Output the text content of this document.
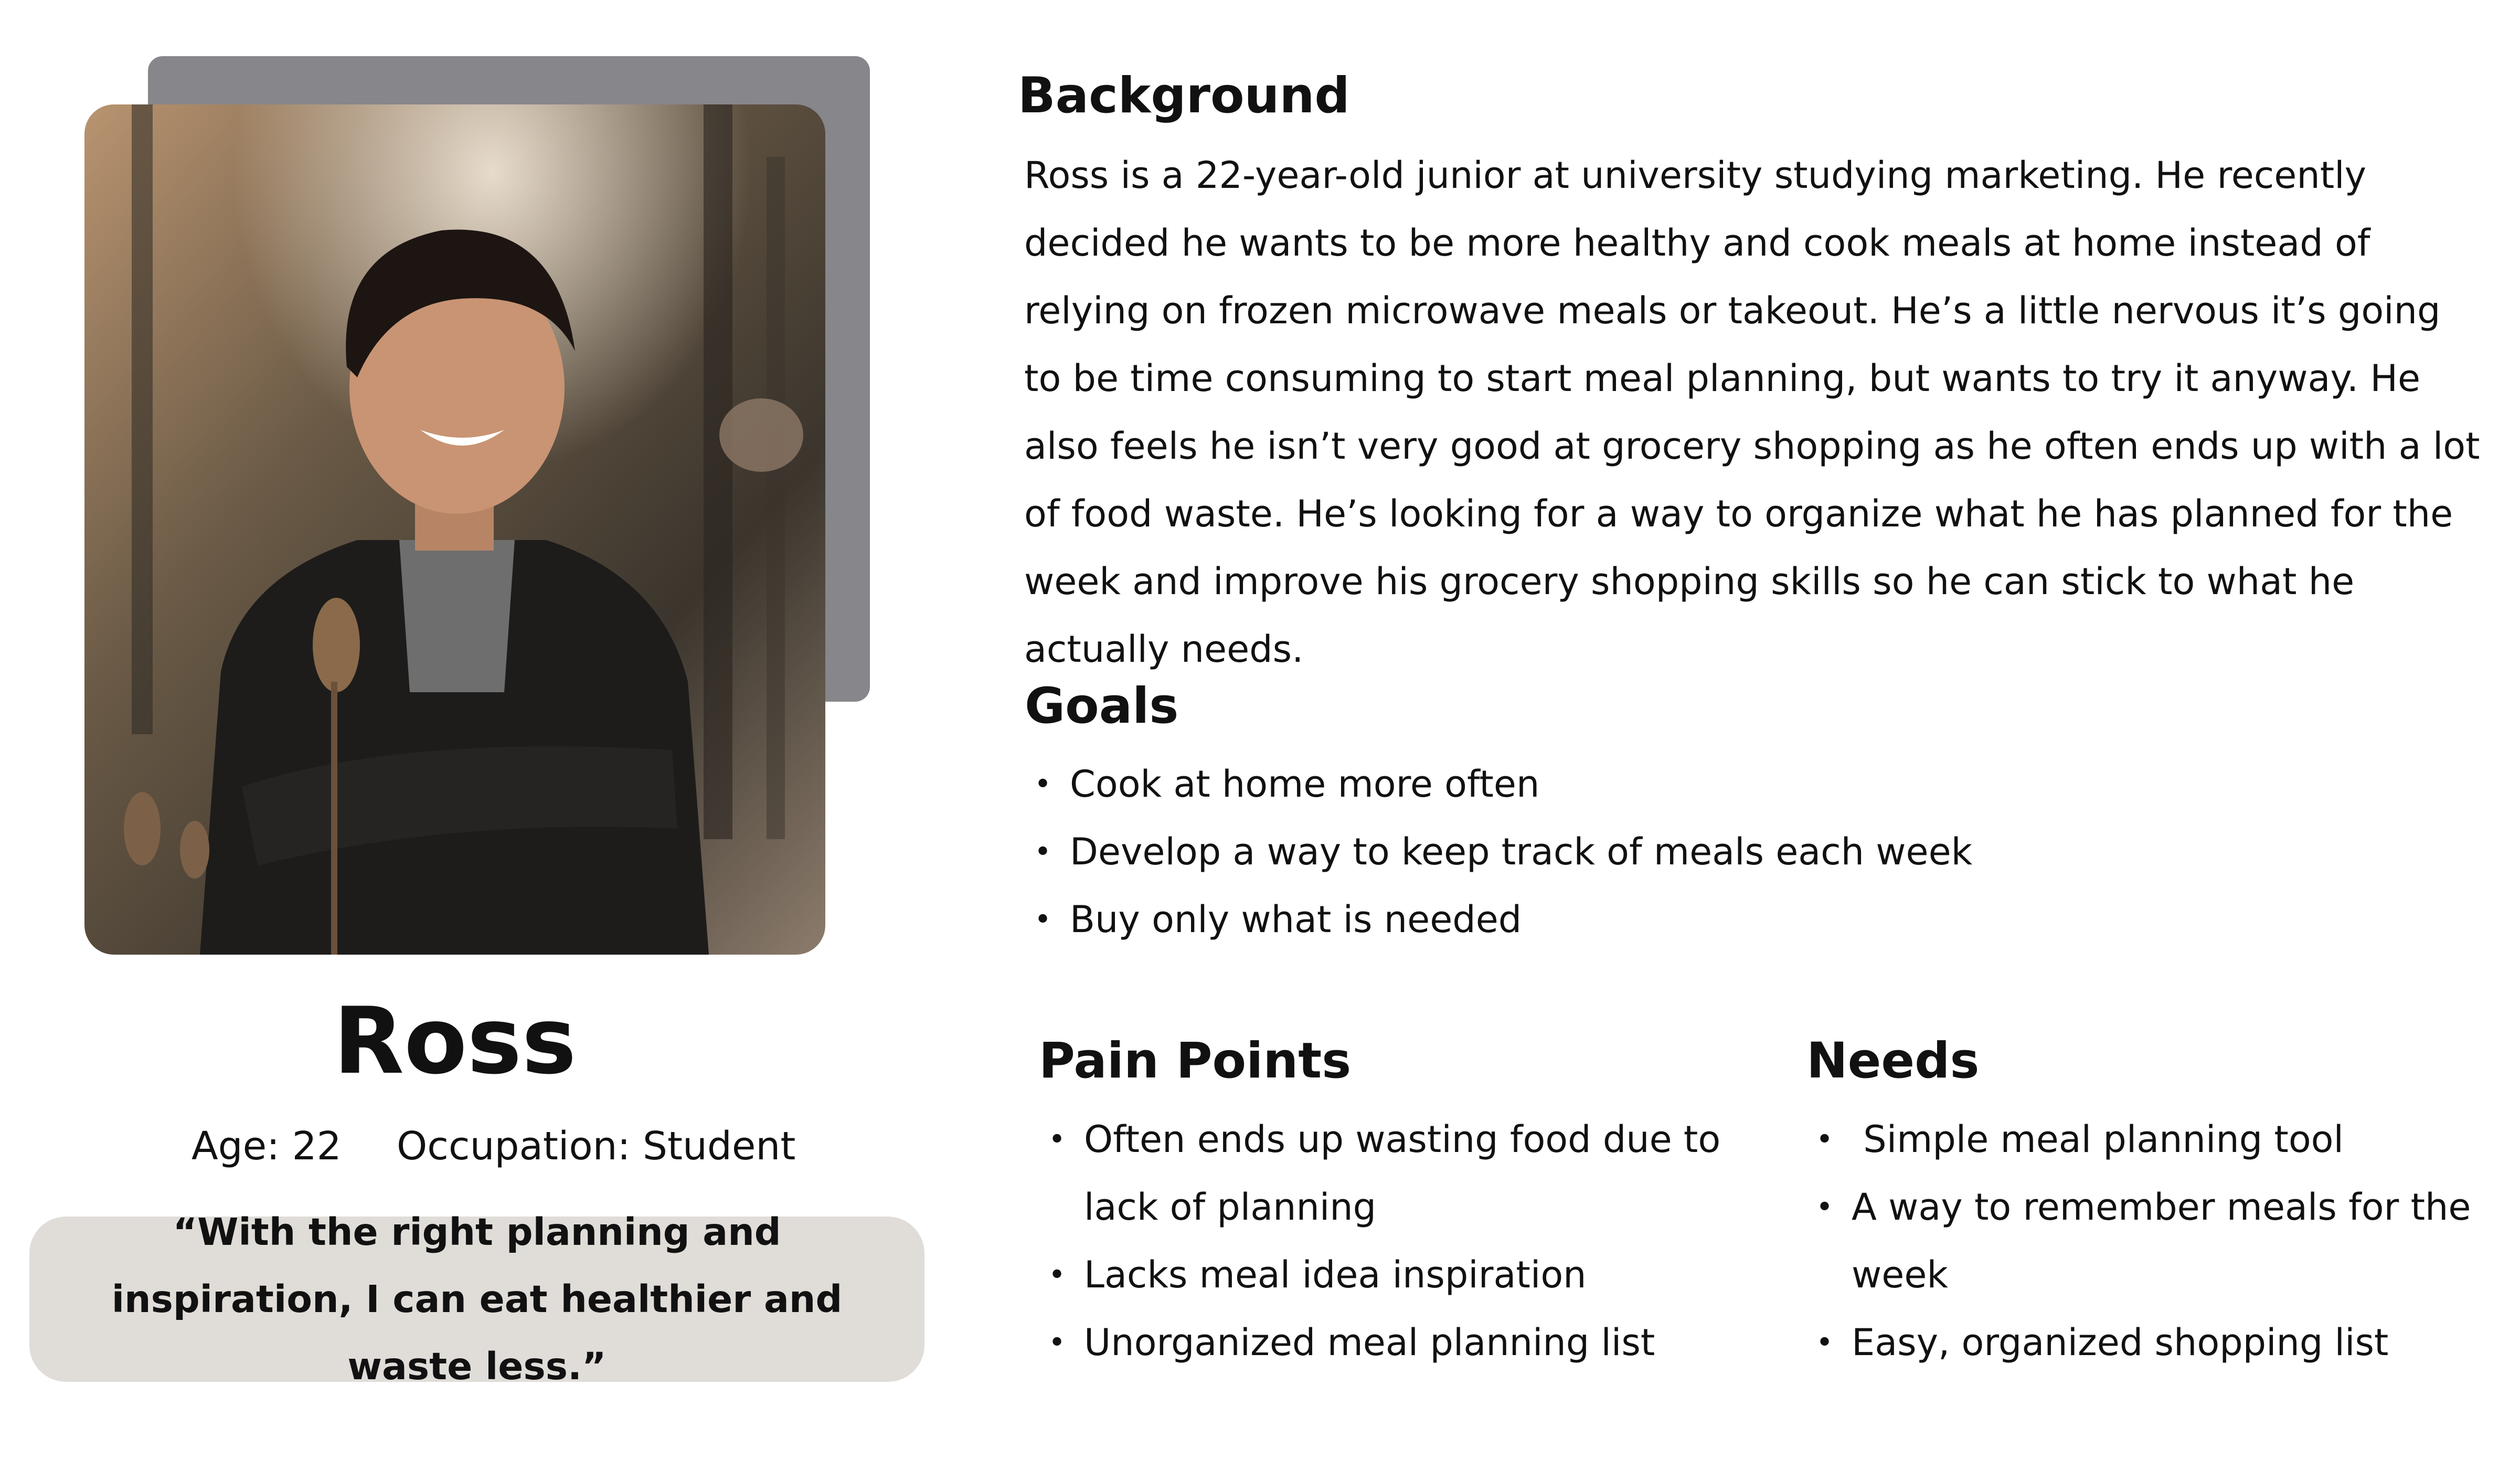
Ross
Age: 22 Occupation: Student
“With the right planning and inspiration, I can eat healthier and waste less.”
Background
Ross is a 22-year-old junior at university studying marketing. He recently decided he wants to be more healthy and cook meals at home instead of relying on frozen microwave meals or takeout. He’s a little nervous it’s going to be time consuming to start meal planning, but wants to try it anyway. He also feels he isn’t very good at grocery shopping as he often ends up with a lot of food waste. He’s looking for a way to organize what he has planned for the week and improve his grocery shopping skills so he can stick to what he actually needs.
Goals
• Cook at home more often
• Develop a way to keep track of meals each week
• Buy only what is needed
Pain Points
• Often ends up wasting food due to lack of planning
• Lacks meal idea inspiration
• Unorganized meal planning list
Needs
•  Simple meal planning tool
• A way to remember meals for the week
• Easy, organized shopping list
